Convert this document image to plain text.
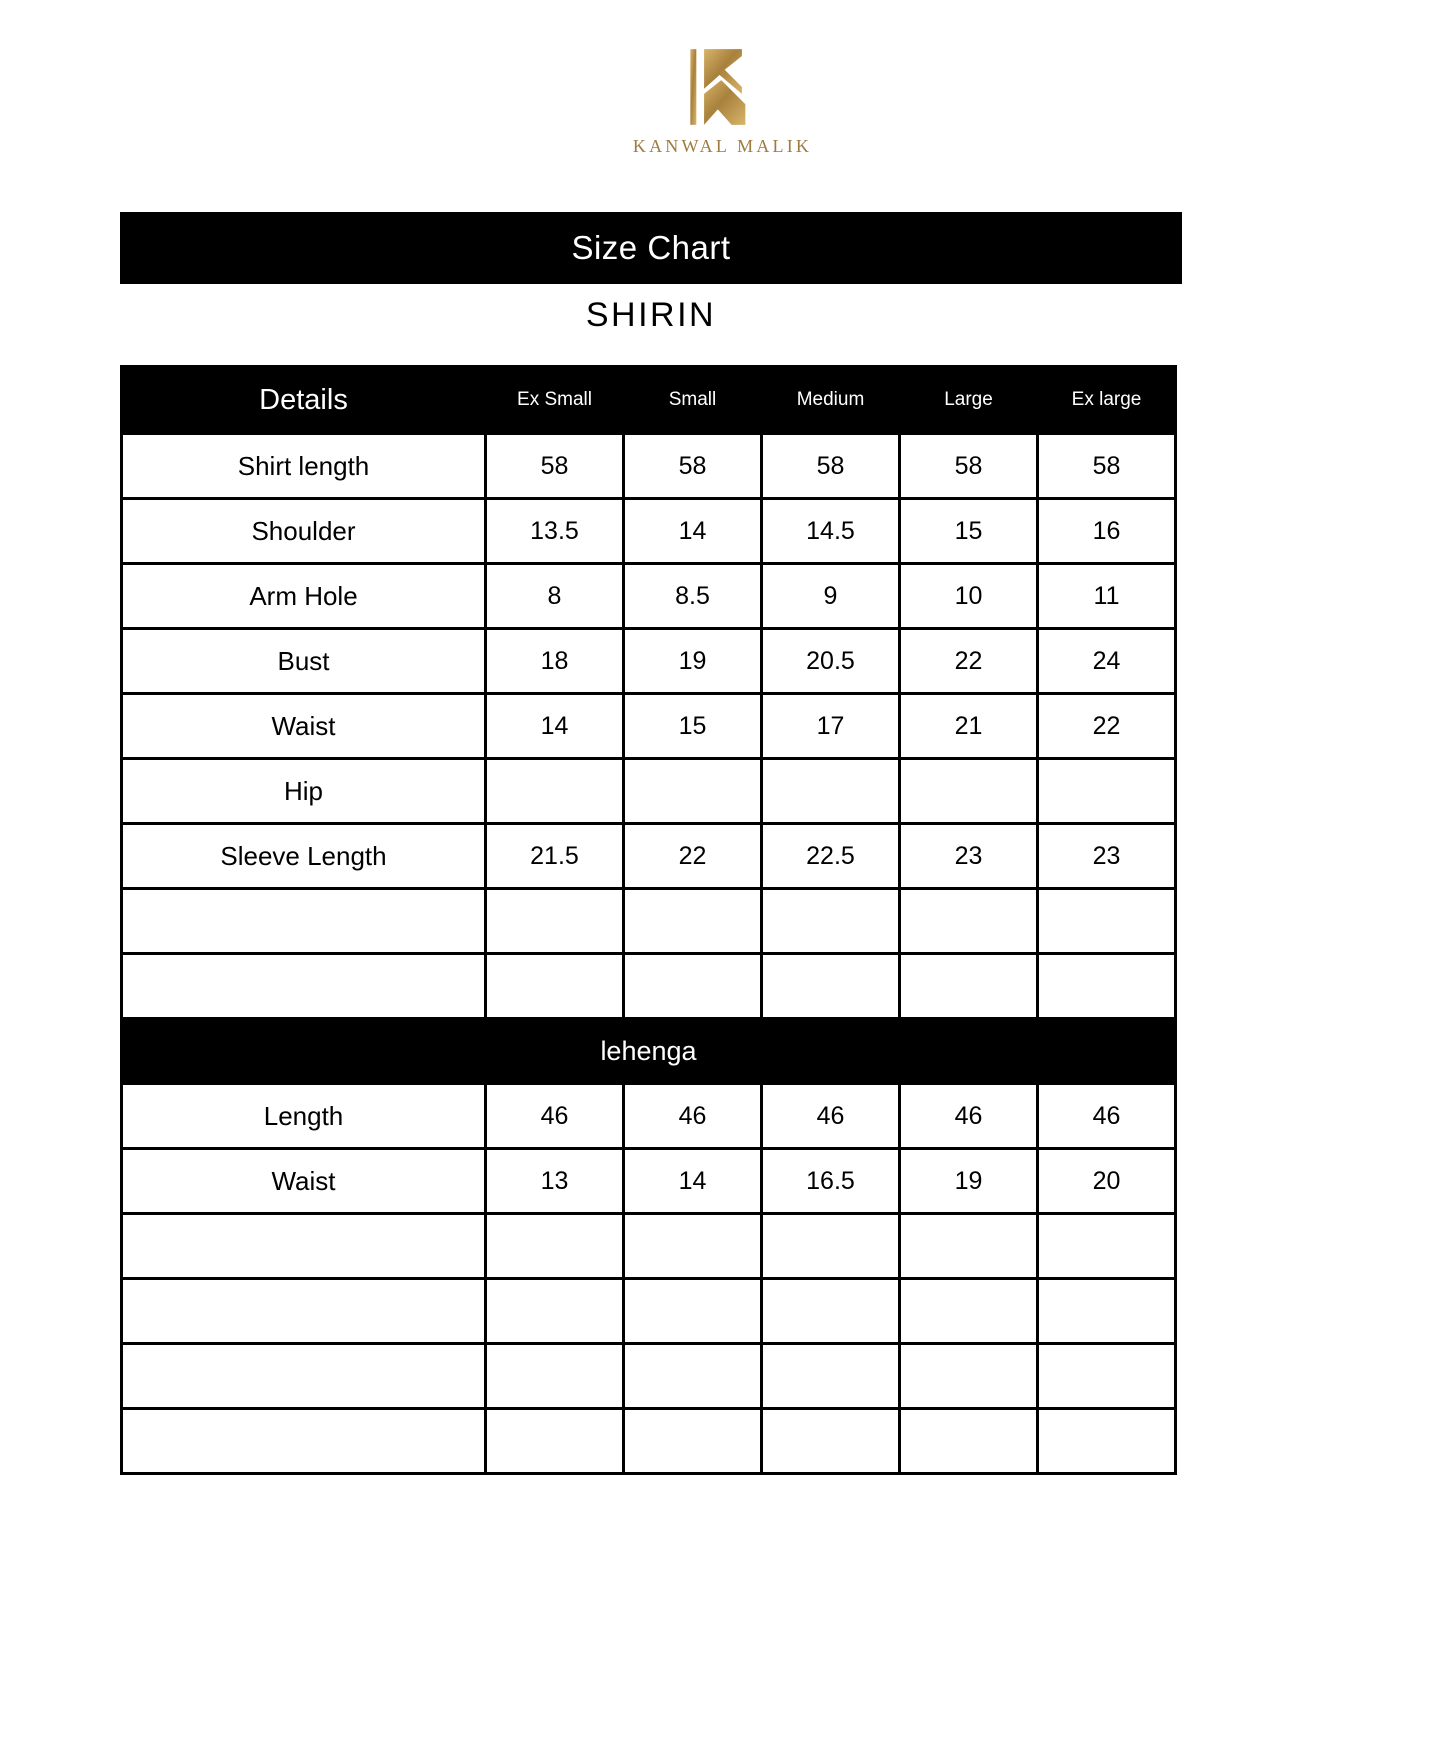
KANWAL MALIK
Size Chart
SHIRIN
Details	Ex Small	Small	Medium	Large	Ex large
Shirt length	58	58	58	58	58
Shoulder	13.5	14	14.5	15	16
Arm Hole	8	8.5	9	10	11
Bust	18	19	20.5	22	24
Waist	14	15	17	21	22
Hip					
Sleeve Length	21.5	22	22.5	23	23

lehenga					
Length	46	46	46	46	46
Waist	13	14	16.5	19	20
